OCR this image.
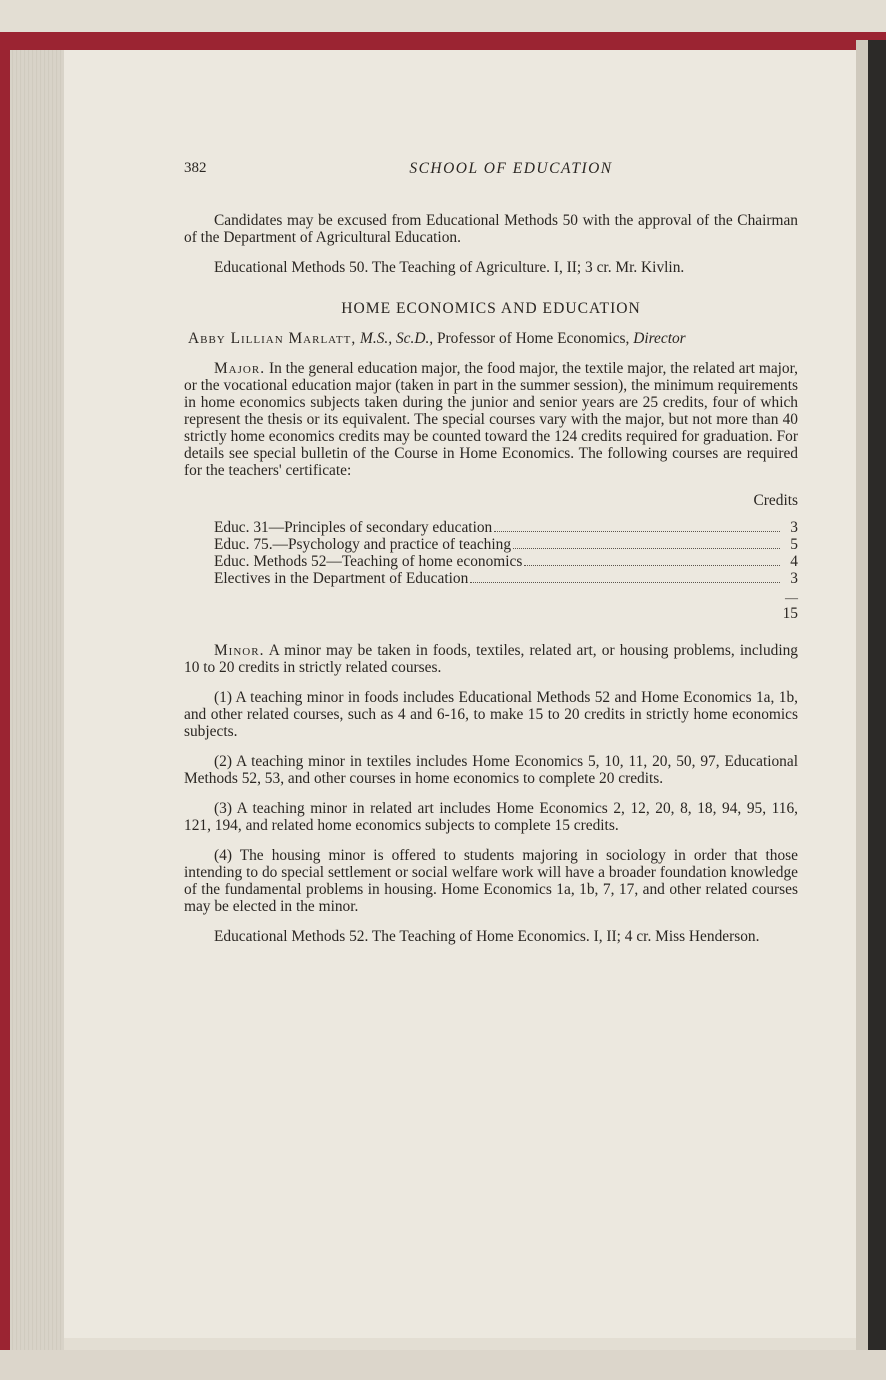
382	SCHOOL OF EDUCATION

Candidates may be excused from Educational Methods 50 with the approval of the Chairman of the Department of Agricultural Education.

Educational Methods 50. The Teaching of Agriculture. I, II; 3 cr. Mr. Kivlin.

HOME ECONOMICS AND EDUCATION

Abby Lillian Marlatt, M.S., Sc.D., Professor of Home Economics, Director

Major. In the general education major, the food major, the textile major, the related art major, or the vocational education major (taken in part in the summer session), the minimum requirements in home economics subjects taken during the junior and senior years are 25 credits, four of which represent the thesis or its equivalent. The special courses vary with the major, but not more than 40 strictly home economics credits may be counted toward the 124 credits required for graduation. For details see special bulletin of the Course in Home Economics. The following courses are required for the teachers' certificate:

Credits
Educ. 31—Principles of secondary education	3
Educ. 75.—Psychology and practice of teaching	5
Educ. Methods 52—Teaching of home economics	4
Electives in the Department of Education	3
—
15

Minor. A minor may be taken in foods, textiles, related art, or housing problems, including 10 to 20 credits in strictly related courses.

(1) A teaching minor in foods includes Educational Methods 52 and Home Economics 1a, 1b, and other related courses, such as 4 and 6-16, to make 15 to 20 credits in strictly home economics subjects.

(2) A teaching minor in textiles includes Home Economics 5, 10, 11, 20, 50, 97, Educational Methods 52, 53, and other courses in home economics to complete 20 credits.

(3) A teaching minor in related art includes Home Economics 2, 12, 20, 8, 18, 94, 95, 116, 121, 194, and related home economics subjects to complete 15 credits.

(4) The housing minor is offered to students majoring in sociology in order that those intending to do special settlement or social welfare work will have a broader foundation knowledge of the fundamental problems in housing. Home Economics 1a, 1b, 7, 17, and other related courses may be elected in the minor.

Educational Methods 52. The Teaching of Home Economics. I, II; 4 cr. Miss Henderson.
